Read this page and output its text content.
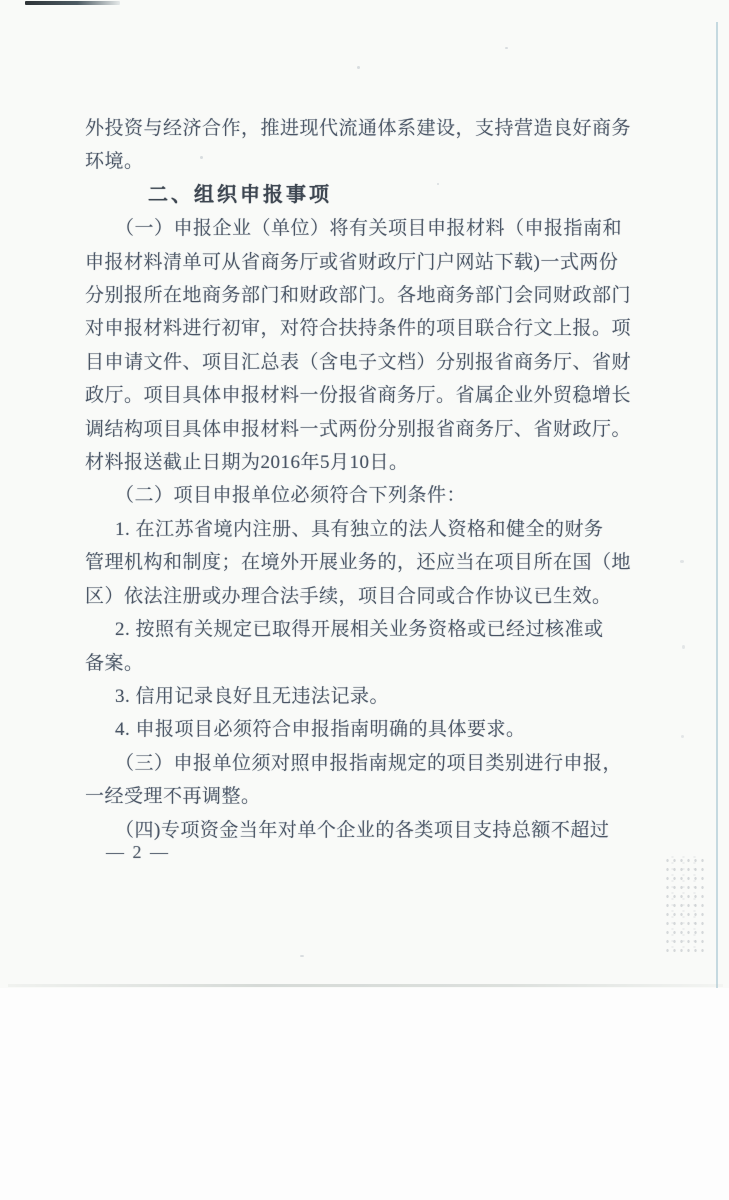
外投资与经济合作，推进现代流通体系建设，支持营造良好商务
环境。
二、组织申报事项
（一）申报企业（单位）将有关项目申报材料（申报指南和
申报材料清单可从省商务厅或省财政厅门户网站下载)一式两份
分别报所在地商务部门和财政部门。各地商务部门会同财政部门
对申报材料进行初审，对符合扶持条件的项目联合行文上报。项
目申请文件、项目汇总表（含电子文档）分别报省商务厅、省财
政厅。项目具体申报材料一份报省商务厅。省属企业外贸稳增长
调结构项目具体申报材料一式两份分别报省商务厅、省财政厅。
材料报送截止日期为2016年5月10日。
（二）项目申报单位必须符合下列条件：
1. 在江苏省境内注册、具有独立的法人资格和健全的财务
管理机构和制度；在境外开展业务的，还应当在项目所在国（地
区）依法注册或办理合法手续，项目合同或合作协议已生效。
2. 按照有关规定已取得开展相关业务资格或已经过核准或
备案。
3. 信用记录良好且无违法记录。
4. 申报项目必须符合申报指南明确的具体要求。
（三）申报单位须对照申报指南规定的项目类别进行申报，
一经受理不再调整。
（四)专项资金当年对单个企业的各类项目支持总额不超过
— 2 —
